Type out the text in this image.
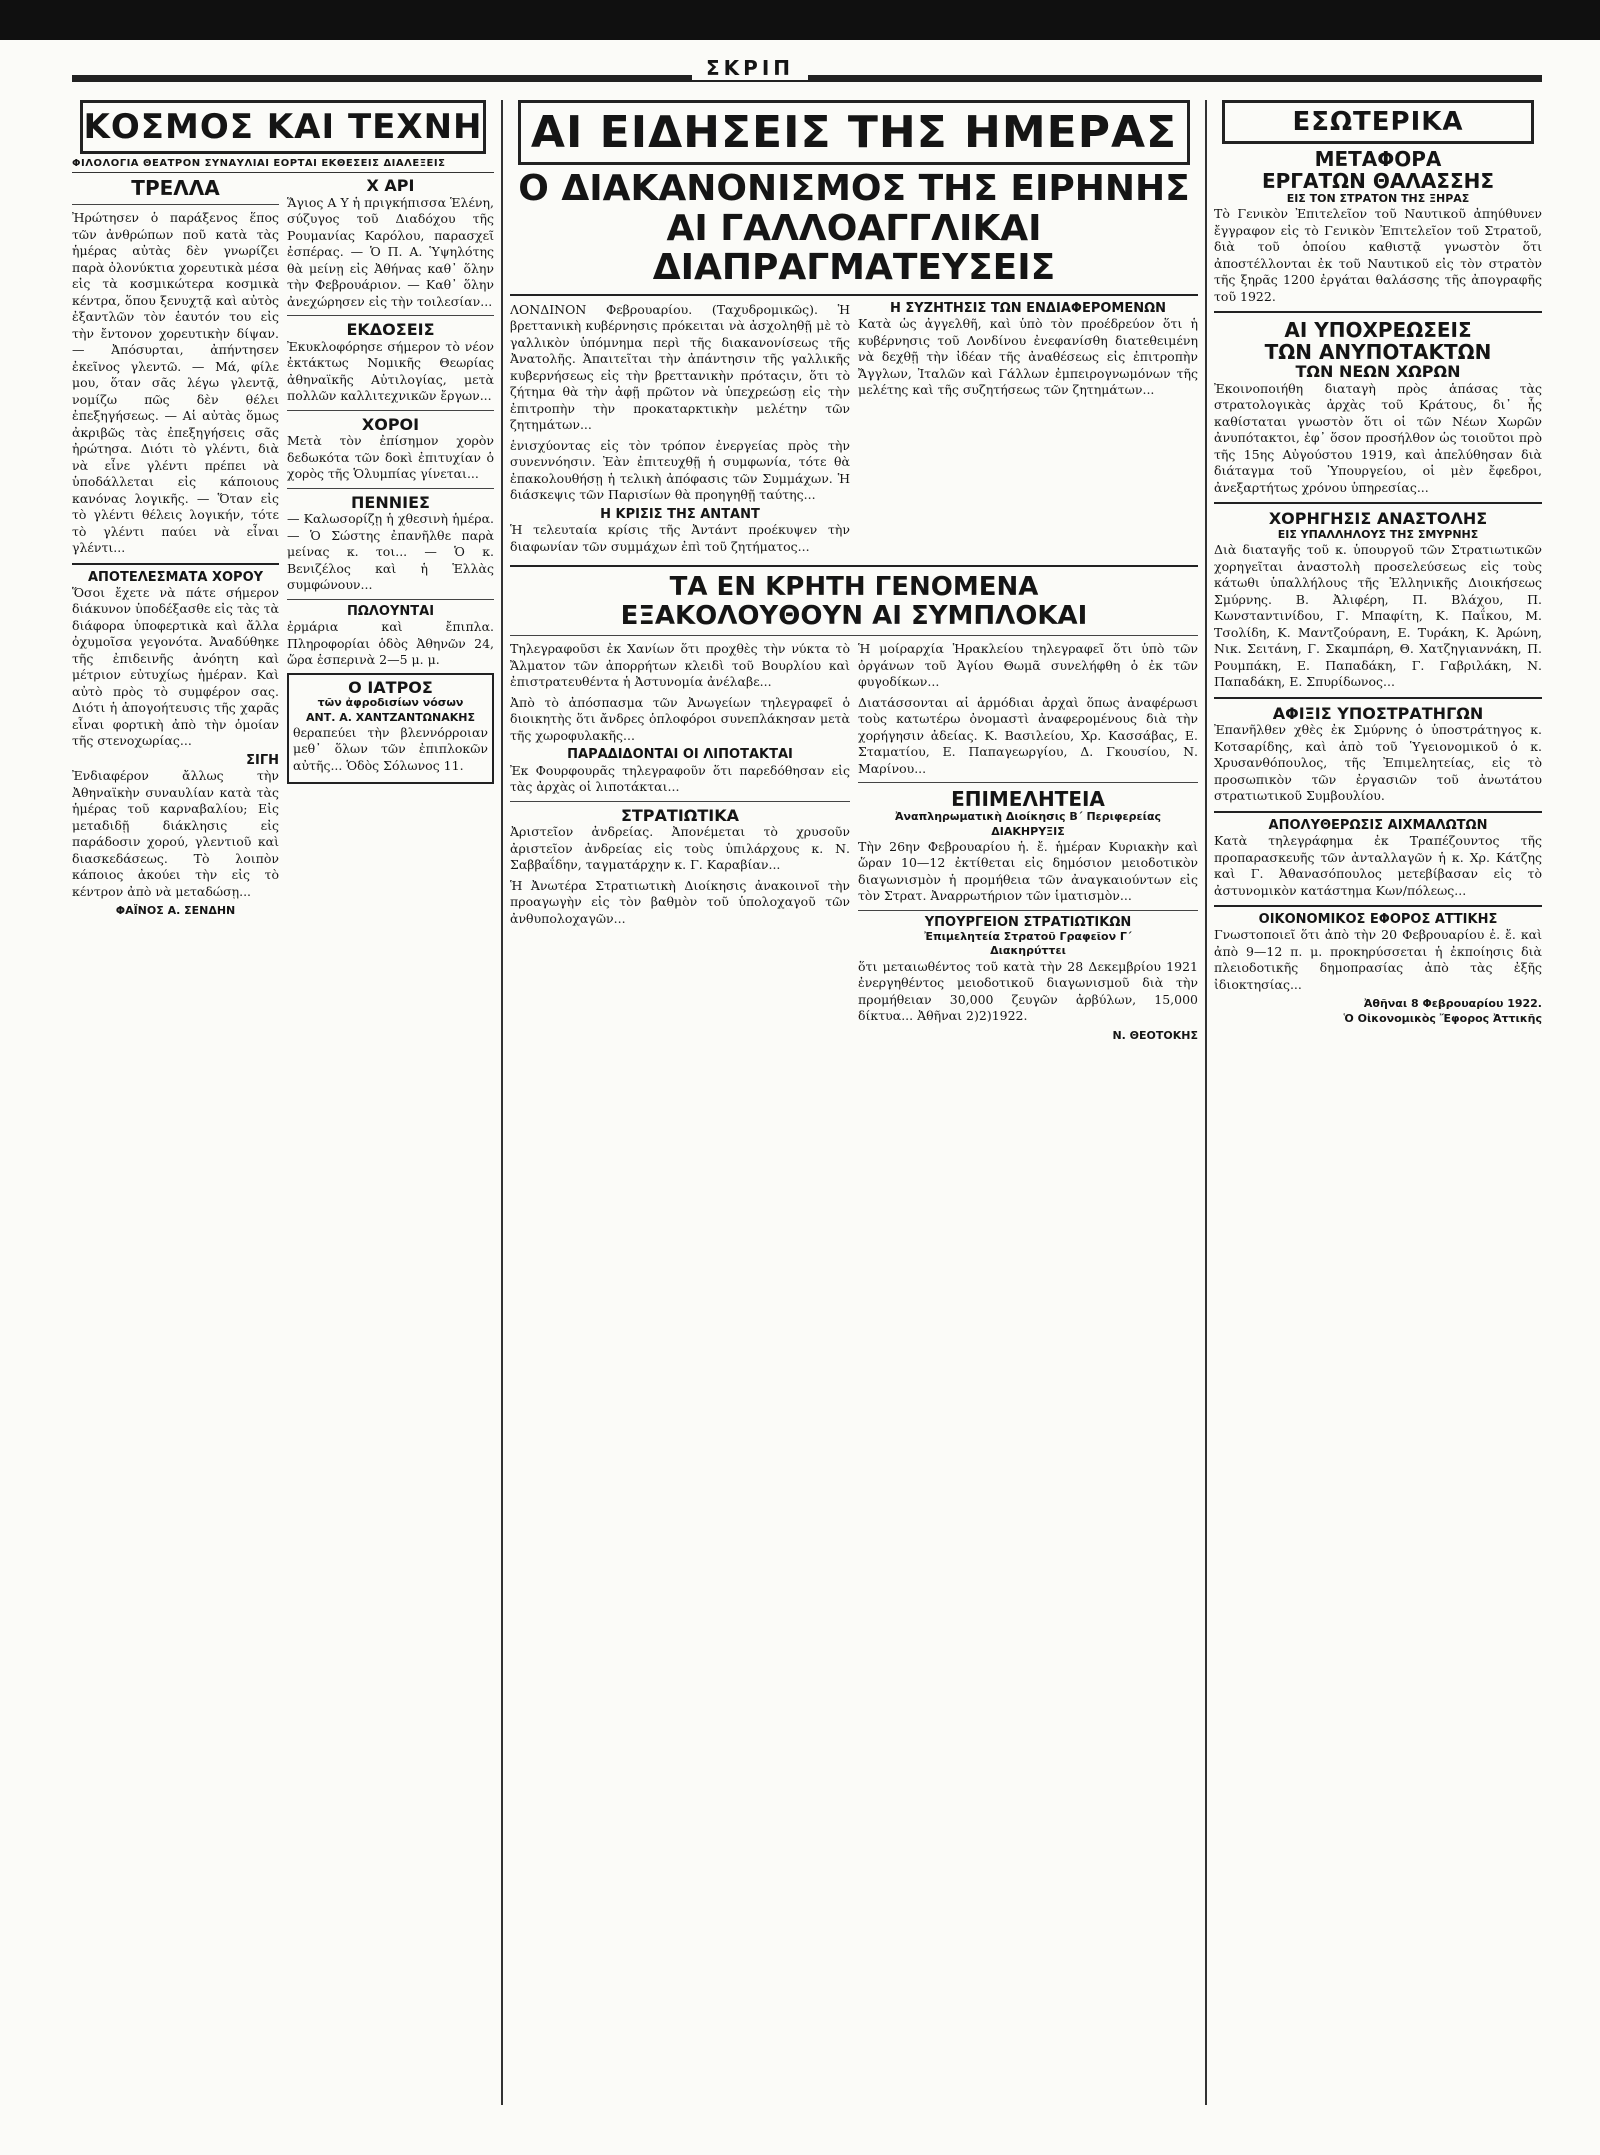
ΣΚΡΙΠ
ΚΟΣΜΟΣ ΚΑΙ ΤΕΧΝΗ
ΦΙΛΟΛΟΓΙΑ ΘΕΑΤΡΟΝ ΣΥΝΑΥΛΙΑΙ ΕΟΡΤΑΙ ΕΚΘΕΣΕΙΣ ΔΙΑΛΕΞΕΙΣ
ΤΡΕΛΛΑ

Ἠρώτησεν ὁ παράξενος ἕπος τῶν ἀνθρώπων ποῦ κατὰ τὰς ἡμέρας αὐτὰς δὲν γνωρίζει παρὰ ὀλονύκτια χορευτικὰ μέσα εἰς τὰ κοσμικώτερα κοσμικὰ κέντρα, ὅπου ξενυχτᾷ καὶ αὐτὸς ἐξαντλῶν τὸν ἑαυτόν του εἰς τὴν ἔντονον χορευτικὴν δίψαν. — Ἀπόσυρται, ἀπήντησεν ἐκεῖνος γλεντῶ. — Μά, φίλε μου, ὅταν σᾶς λέγω γλεντᾷ, νομίζω πῶς δὲν θέλει ἐπεξηγήσεως. — Αἱ αὐτὰς ὅμως ἀκριβῶς τὰς ἐπεξηγήσεις σᾶς ἠρώτησα. Διότι τὸ γλέντι, διὰ νὰ εἶνε γλέντι πρέπει νὰ ὑποδάλλεται εἰς κάποιους κανόνας λογικῆς. — Ὅταν εἰς τὸ γλέντι θέλεις λογικήν, τότε τὸ γλέντι παύει νὰ εἶναι γλέντι...

ΑΠΟΤΕΛΕΣΜΑΤΑ ΧΟΡΟΥ

Ὅσοι ἔχετε νὰ πάτε σήμερον διάκυνον ὑποδέξασθε εἰς τὰς τὰ διάφορα ὑποφερτικὰ καὶ ἄλλα ὀχυμοῖσα γεγονότα. Ἀναδύθηκε τῆς ἐπιδεινῆς ἀνόητη καὶ μέτριον εὐτυχίως ἡμέραν. Καὶ αὐτὸ πρὸς τὸ συμφέρον σας. Διότι ἡ ἀπογοήτευσις τῆς χαρᾶς εἶναι φορτικὴ ἀπὸ τὴν ὁμοίαν τῆς στενοχωρίας...

ΣΙΓΗ

Ἐνδιαφέρον ἄλλως τὴν Ἀθηναϊκὴν συναυλίαν κατὰ τὰς ἡμέρας τοῦ καρναβαλίου; Εἰς μεταδιδῇ διάκλησις εἰς παράδοσιν χορού, γλεντιοῦ καὶ διασκεδάσεως. Τὸ λοιπὸν κάποιος ἀκούει τὴν εἰς τὸ κέντρον ἀπὸ νὰ μεταδώσῃ...

ΦΑΪΝΟΣ Α. ΣΕΝΔΗΝ
Χ ΑΡΙ

Ἅγιος Α Υ ἡ πριγκήπισσα Ἑλένη, σύζυγος τοῦ Διαδόχου τῆς Ρουμανίας Καρόλου, παρασχεῖ ἐσπέρας. — Ὁ Π. Α. Ὑψηλότης θὰ μείνῃ εἰς Ἀθήνας καθ᾽ ὅλην τὴν Φεβρουάριον. — Καθ᾽ ὅλην ἀνεχώρησεν εἰς τὴν τοιλεσίαν...

ΕΚΔΟΣΕΙΣ

Ἐκυκλοφόρησε σήμερον τὸ νέον ἐκτάκτως Νομικῆς Θεωρίας ἀθηναϊκῆς Αὐτιλογίας, μετὰ πολλῶν καλλιτεχνικῶν ἔργων...

ΧΟΡΟΙ

Μετὰ τὸν ἐπίσημον χορὸν δεδωκότα τῶν δοκὶ ἐπιτυχίαν ὁ χορὸς τῆς Ὁλυμπίας γίνεται...

ΠΕΝΝΙΕΣ

— Καλωσορίζῃ ἡ χθεσινὴ ἡμέρα. — Ὁ Σώστης ἐπανῆλθε παρὰ μείνας κ. τοι... — Ὁ κ. Βενιζέλος καὶ ἡ Ἑλλὰς συμφώνουν...

ΠΩΛΟΥΝΤΑΙ

ἐρμάρια καὶ ἔπιπλα. Πληροφορίαι ὁδὸς Ἀθηνῶν 24, ὥρα ἑσπερινὰ 2—5 μ. μ.

Ο ΙΑΤΡΟΣ
τῶν ἀφροδισίων νόσων
ΑΝΤ. Α. ΧΑΝΤΖΑΝΤΩΝΑΚΗΣ

θεραπεύει τὴν βλεννόρροιαν μεθ᾽ ὅλων τῶν ἐπιπλοκῶν αὐτῆς... Ὁδὸς Σόλωνος 11.

ΑΙ ΕΙΔΗΣΕΙΣ ΤΗΣ ΗΜΕΡΑΣ
Ο ΔΙΑΚΑΝΟΝΙΣΜΟΣ ΤΗΣ ΕΙΡΗΝΗΣ
ΑΙ ΓΑΛΛΟΑΓΓΛΙΚΑΙ ΔΙΑΠΡΑΓΜΑΤΕΥΣΕΙΣ

ΛΟΝΔΙΝΟΝ Φεβρουαρίου. (Ταχυδρομικῶς). Ἡ βρεττανικὴ κυβέρνησις πρόκειται νὰ ἀσχοληθῇ μὲ τὸ γαλλικὸν ὑπόμνημα περὶ τῆς διακανονίσεως τῆς Ἀνατολῆς. Ἀπαιτεῖται τὴν ἀπάντησιν τῆς γαλλικῆς κυβερνήσεως εἰς τὴν βρεττανικὴν πρόταςιν, ὅτι τὸ ζήτημα θὰ τὴν ἀφῇ πρῶτον νὰ ὑπεχρεώσῃ εἰς τὴν ἐπιτροπὴν τὴν προκαταρκτικὴν μελέτην τῶν ζητημάτων...

ἑνισχύοντας εἰς τὸν τρόπον ἐνεργείας πρὸς τὴν συνεννόησιν. Ἐὰν ἐπιτευχθῇ ἡ συμφωνία, τότε θὰ ἐπακολουθήσῃ ἡ τελικὴ ἀπόφασις τῶν Συμμάχων. Ἡ διάσκεψις τῶν Παρισίων θὰ προηγηθῇ ταύτης...

Η ΚΡΙΣΙΣ ΤΗΣ ΑΝΤΑΝΤ

Ἡ τελευταία κρίσις τῆς Ἀντάντ προέκυψεν τὴν διαφωνίαν τῶν συμμάχων ἐπὶ τοῦ ζητήματος...

Η ΣΥΖΗΤΗΣΙΣ ΤΩΝ ΕΝΔΙΑΦΕΡΟΜΕΝΩΝ

Κατὰ ὡς ἀγγελθῆ, καὶ ὑπὸ τὸν προέδρεύον ὅτι ἡ κυβέρνησις τοῦ Λονδίνου ἐνεφανίσθη διατεθειμένη νὰ δεχθῇ τὴν ἰδέαν τῆς ἀναθέσεως εἰς ἐπιτροπὴν Ἄγγλων, Ἰταλῶν καὶ Γάλλων ἐμπειρογνωμόνων τῆς μελέτης καὶ τῆς συζητήσεως τῶν ζητημάτων...

ΤΑ ΕΝ ΚΡΗΤΗ ΓΕΝΟΜΕΝΑ
ΕΞΑΚΟΛΟΥΘΟΥΝ ΑΙ ΣΥΜΠΛΟΚΑΙ

Τηλεγραφοῦσι ἐκ Χανίων ὅτι προχθὲς τὴν νύκτα τὸ Ἄλματον τῶν ἀπορρήτων κλειδὶ τοῦ Βουρλίου καὶ ἐπιστρατευθέντα ἡ Ἀστυνομία ἀνέλαβε...

Ἀπὸ τὸ ἀπόσπασμα τῶν Ἀνωγείων τηλεγραφεῖ ὁ διοικητὴς ὅτι ἄνδρες ὁπλοφόροι συνεπλάκησαν μετὰ τῆς χωροφυλακῆς...

ΠΑΡΑΔΙΔΟΝΤΑΙ ΟΙ ΛΙΠΟΤΑΚΤΑΙ

Ἐκ Φουρφουρᾶς τηλεγραφοῦν ὅτι παρεδόθησαν εἰς τὰς ἀρχὰς οἱ λιποτάκται...

ΣΤΡΑΤΙΩΤΙΚΑ

Ἀριστεῖον ἀνδρείας. Ἀπονέμεται τὸ χρυσοῦν ἀριστεῖον ἀνδρείας εἰς τοὺς ὑπιλάρχους κ. Ν. Σαββαΐδην, ταγματάρχην κ. Γ. Καραβίαν...

Ἡ Ἀνωτέρα Στρατιωτικὴ Διοίκησις ἀνακοινοῖ τὴν προαγωγὴν εἰς τὸν βαθμὸν τοῦ ὑπολοχαγοῦ τῶν ἀνθυπολοχαγῶν...

Ἡ μοίραρχία Ἡρακλείου τηλεγραφεῖ ὅτι ὑπὸ τῶν ὀργάνων τοῦ Ἀγίου Θωμᾶ συνελήφθη ὁ ἐκ τῶν φυγοδίκων...

Διατάσσονται αἱ ἁρμόδιαι ἀρχαὶ ὅπως ἀναφέρωσι τοὺς κατωτέρω ὀνομαστὶ ἀναφερομένους διὰ τὴν χορήγησιν ἀδείας. Κ. Βασιλείου, Χρ. Κασσάβας, Ε. Σταματίου, Ε. Παπαγεωργίου, Δ. Γκουσίου, Ν. Μαρίνου...

ΕΠΙΜΕΛΗΤΕΙΑ
Ἀναπληρωματικὴ Διοίκησις Β΄ Περιφερείας
ΔΙΑΚΗΡΥΞΙΣ

Τὴν 26ην Φεβρουαρίου ἡ. ἔ. ἡμέραν Κυριακὴν καὶ ὥραν 10—12 ἐκτίθεται εἰς δημόσιον μειοδοτικὸν διαγωνισμὸν ἡ προμήθεια τῶν ἀναγκαιούντων εἰς τὸν Στρατ. Ἀναρρωτήριον τῶν ἱματισμὸν...

ΥΠΟΥΡΓΕΙΟΝ ΣΤΡΑΤΙΩΤΙΚΩΝ
Ἐπιμελητεία Στρατοῦ Γραφεῖον Γ΄
Διακηρύττει

ὅτι μεταιωθέντος τοῦ κατὰ τὴν 28 Δεκεμβρίου 1921 ἐνεργηθέντος μειοδοτικοῦ διαγωνισμοῦ διὰ τὴν προμήθειαν 30,000 ζευγῶν ἀρβύλων, 15,000 δίκτυα... Ἀθῆναι 2)2)1922.

Ν. ΘΕΟΤΟΚΗΣ
ΕΣΩΤΕΡΙΚΑ
ΜΕΤΑΦΟΡΑ
ΕΡΓΑΤΩΝ ΘΑΛΑΣΣΗΣ
ΕΙΣ ΤΟΝ ΣΤΡΑΤΟΝ ΤΗΣ ΞΗΡΑΣ

Τὸ Γενικὸν Ἐπιτελεῖον τοῦ Ναυτικοῦ ἀπηύθυνεν ἔγγραφον εἰς τὸ Γενικὸν Ἐπιτελεῖον τοῦ Στρατοῦ, διὰ τοῦ ὁποίου καθιστᾷ γνωστὸν ὅτι ἀποστέλλονται ἐκ τοῦ Ναυτικοῦ εἰς τὸν στρατὸν τῆς ξηρᾶς 1200 ἐργάται θαλάσσης τῆς ἀπογραφῆς τοῦ 1922.

ΑΙ ΥΠΟΧΡΕΩΣΕΙΣ
ΤΩΝ ΑΝΥΠΟΤΑΚΤΩΝ
ΤΩΝ ΝΕΩΝ ΧΩΡΩΝ

Ἐκοινοποιήθη διαταγὴ πρὸς ἁπάσας τὰς στρατολογικὰς ἀρχὰς τοῦ Κράτους, δι᾽ ἧς καθίσταται γνωστὸν ὅτι οἱ τῶν Νέων Χωρῶν ἀνυπότακτοι, ἐφ᾽ ὅσον προσήλθον ὡς τοιοῦτοι πρὸ τῆς 15ης Αὐγούστου 1919, καὶ ἀπελύθησαν διὰ διάταγμα τοῦ Ὑπουργείου, οἱ μὲν ἔφεδροι, ἀνεξαρτήτως χρόνου ὑπηρεσίας...

ΧΟΡΗΓΗΣΙΣ ΑΝΑΣΤΟΛΗΣ
ΕΙΣ ΥΠΑΛΛΗΛΟΥΣ ΤΗΣ ΣΜΥΡΝΗΣ

Διὰ διαταγῆς τοῦ κ. ὑπουργοῦ τῶν Στρατιωτικῶν χορηγεῖται ἀναστολὴ προσελεύσεως εἰς τοὺς κάτωθι ὑπαλλήλους τῆς Ἑλληνικῆς Διοικήσεως Σμύρνης. Β. Ἀλιφέρη, Π. Βλάχου, Π. Κωνσταντινίδου, Γ. Μπαφίτη, Κ. Παΐκου, Μ. Τσολίδη, Κ. Μαντζούρανη, Ε. Τυράκη, Κ. Ἀρώνη, Νικ. Σειτάνη, Γ. Σκαμπάρη, Θ. Χατζηγιαννάκη, Π. Ρουμπάκη, Ε. Παπαδάκη, Γ. Γαβριλάκη, Ν. Παπαδάκη, Ε. Σπυρίδωνος...

ΑΦΙΞΙΣ ΥΠΟΣΤΡΑΤΗΓΩΝ

Ἐπανῆλθεν χθὲς ἐκ Σμύρνης ὁ ὑποστράτηγος κ. Κοτσαρίδης, καὶ ἀπὸ τοῦ Ὑγειονομικοῦ ὁ κ. Χρυσανθόπουλος, τῆς Ἐπιμελητείας, εἰς τὸ προσωπικὸν τῶν ἐργασιῶν τοῦ ἀνωτάτου στρατιωτικοῦ Συμβουλίου.

ΑΠΟΛΥΘΕΡΩΣΙΣ ΑΙΧΜΑΛΩΤΩΝ

Κατὰ τηλεγράφημα ἐκ Τραπέζουντος τῆς προπαρασκευῆς τῶν ἀνταλλαγῶν ἡ κ. Χρ. Κάτζης καὶ Γ. Ἀθανασόπουλος μετεβίβασαν εἰς τὸ ἀστυνομικὸν κατάστημα Κων/πόλεως...

ΟΙΚΟΝΟΜΙΚΟΣ ΕΦΟΡΟΣ ΑΤΤΙΚΗΣ

Γνωστοποιεῖ ὅτι ἀπὸ τὴν 20 Φεβρουαρίου ἐ. ἔ. καὶ ἀπὸ 9—12 π. μ. προκηρύσσεται ἡ ἐκποίησις διὰ πλειοδοτικῆς δημοπρασίας ἀπὸ τὰς ἐξῆς ἰδιοκτησίας...

Ἀθῆναι 8 Φεβρουαρίου 1922.
Ὁ Οἰκονομικὸς Ἔφορος Ἀττικῆς
